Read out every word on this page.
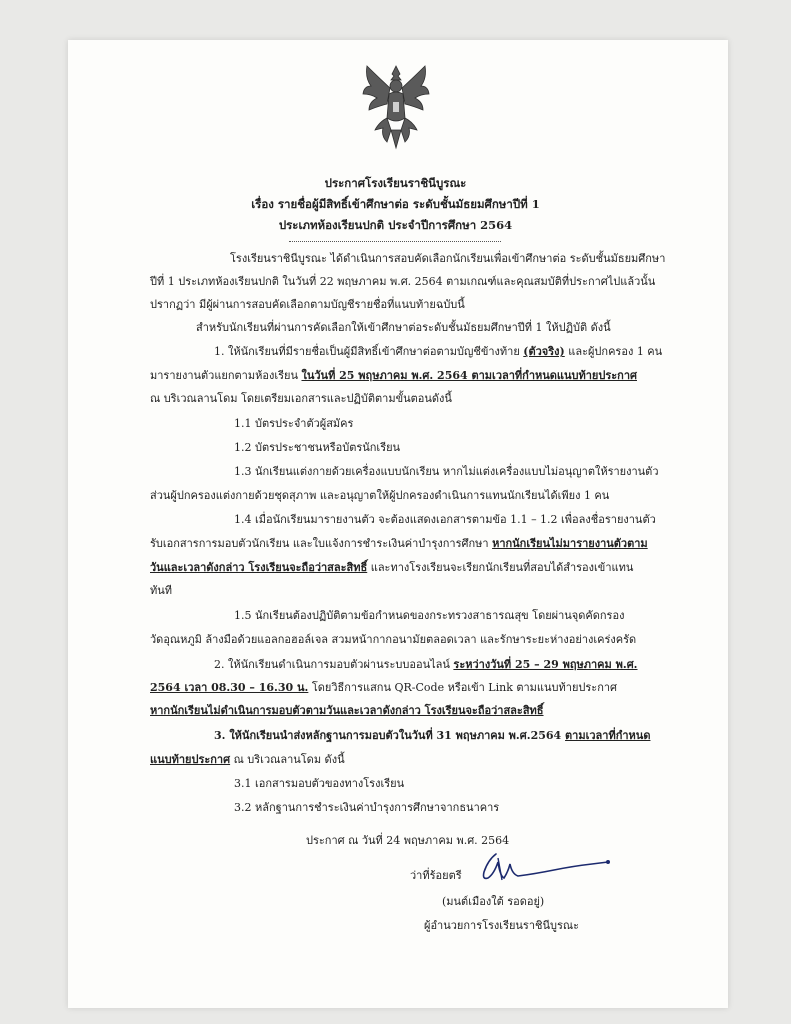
ประกาศโรงเรียนราชินีบูรณะ
เรื่อง รายชื่อผู้มีสิทธิ์เข้าศึกษาต่อ ระดับชั้นมัธยมศึกษาปีที่ 1
ประเภทห้องเรียนปกติ ประจำปีการศึกษา 2564
โรงเรียนราชินีบูรณะ ได้ดำเนินการสอบคัดเลือกนักเรียนเพื่อเข้าศึกษาต่อ ระดับชั้นมัธยมศึกษา
ปีที่ 1 ประเภทห้องเรียนปกติ ในวันที่ 22 พฤษภาคม พ.ศ. 2564 ตามเกณฑ์และคุณสมบัติที่ประกาศไปแล้วนั้น
ปรากฏว่า มีผู้ผ่านการสอบคัดเลือกตามบัญชีรายชื่อที่แนบท้ายฉบับนี้
สำหรับนักเรียนที่ผ่านการคัดเลือกให้เข้าศึกษาต่อระดับชั้นมัธยมศึกษาปีที่ 1 ให้ปฏิบัติ ดังนี้
1. ให้นักเรียนที่มีรายชื่อเป็นผู้มีสิทธิ์เข้าศึกษาต่อตามบัญชีข้างท้าย (ตัวจริง) และผู้ปกครอง 1 คน
มารายงานตัวแยกตามห้องเรียน ในวันที่ 25 พฤษภาคม พ.ศ. 2564 ตามเวลาที่กำหนดแนบท้ายประกาศ
ณ บริเวณลานโดม โดยเตรียมเอกสารและปฏิบัติตามขั้นตอนดังนี้
1.1 บัตรประจำตัวผู้สมัคร
1.2 บัตรประชาชนหรือบัตรนักเรียน
1.3 นักเรียนแต่งกายด้วยเครื่องแบบนักเรียน หากไม่แต่งเครื่องแบบไม่อนุญาตให้รายงานตัว
ส่วนผู้ปกครองแต่งกายด้วยชุดสุภาพ และอนุญาตให้ผู้ปกครองดำเนินการแทนนักเรียนได้เพียง 1 คน
1.4 เมื่อนักเรียนมารายงานตัว จะต้องแสดงเอกสารตามข้อ 1.1 – 1.2 เพื่อลงชื่อรายงานตัว
รับเอกสารการมอบตัวนักเรียน และใบแจ้งการชำระเงินค่าบำรุงการศึกษา หากนักเรียนไม่มารายงานตัวตาม
วันและเวลาดังกล่าว โรงเรียนจะถือว่าสละสิทธิ์ และทางโรงเรียนจะเรียกนักเรียนที่สอบได้สำรองเข้าแทน
ทันที
1.5 นักเรียนต้องปฏิบัติตามข้อกำหนดของกระทรวงสาธารณสุข โดยผ่านจุดคัดกรอง
วัดอุณหภูมิ ล้างมือด้วยแอลกอฮอล์เจล สวมหน้ากากอนามัยตลอดเวลา และรักษาระยะห่างอย่างเคร่งครัด
2. ให้นักเรียนดำเนินการมอบตัวผ่านระบบออนไลน์ ระหว่างวันที่ 25 – 29 พฤษภาคม พ.ศ.
2564 เวลา 08.30 – 16.30 น. โดยวิธีการแสกน QR-Code หรือเข้า Link ตามแนบท้ายประกาศ
หากนักเรียนไม่ดำเนินการมอบตัวตามวันและเวลาดังกล่าว โรงเรียนจะถือว่าสละสิทธิ์
3. ให้นักเรียนนำส่งหลักฐานการมอบตัวในวันที่ 31 พฤษภาคม พ.ศ.2564 ตามเวลาที่กำหนด
แนบท้ายประกาศ ณ บริเวณลานโดม ดังนี้
3.1 เอกสารมอบตัวของทางโรงเรียน
3.2 หลักฐานการชำระเงินค่าบำรุงการศึกษาจากธนาคาร
ประกาศ ณ วันที่ 24 พฤษภาคม พ.ศ. 2564
ว่าที่ร้อยตรี
(มนต์เมืองใต้ รอดอยู่)
ผู้อำนวยการโรงเรียนราชินีบูรณะ
